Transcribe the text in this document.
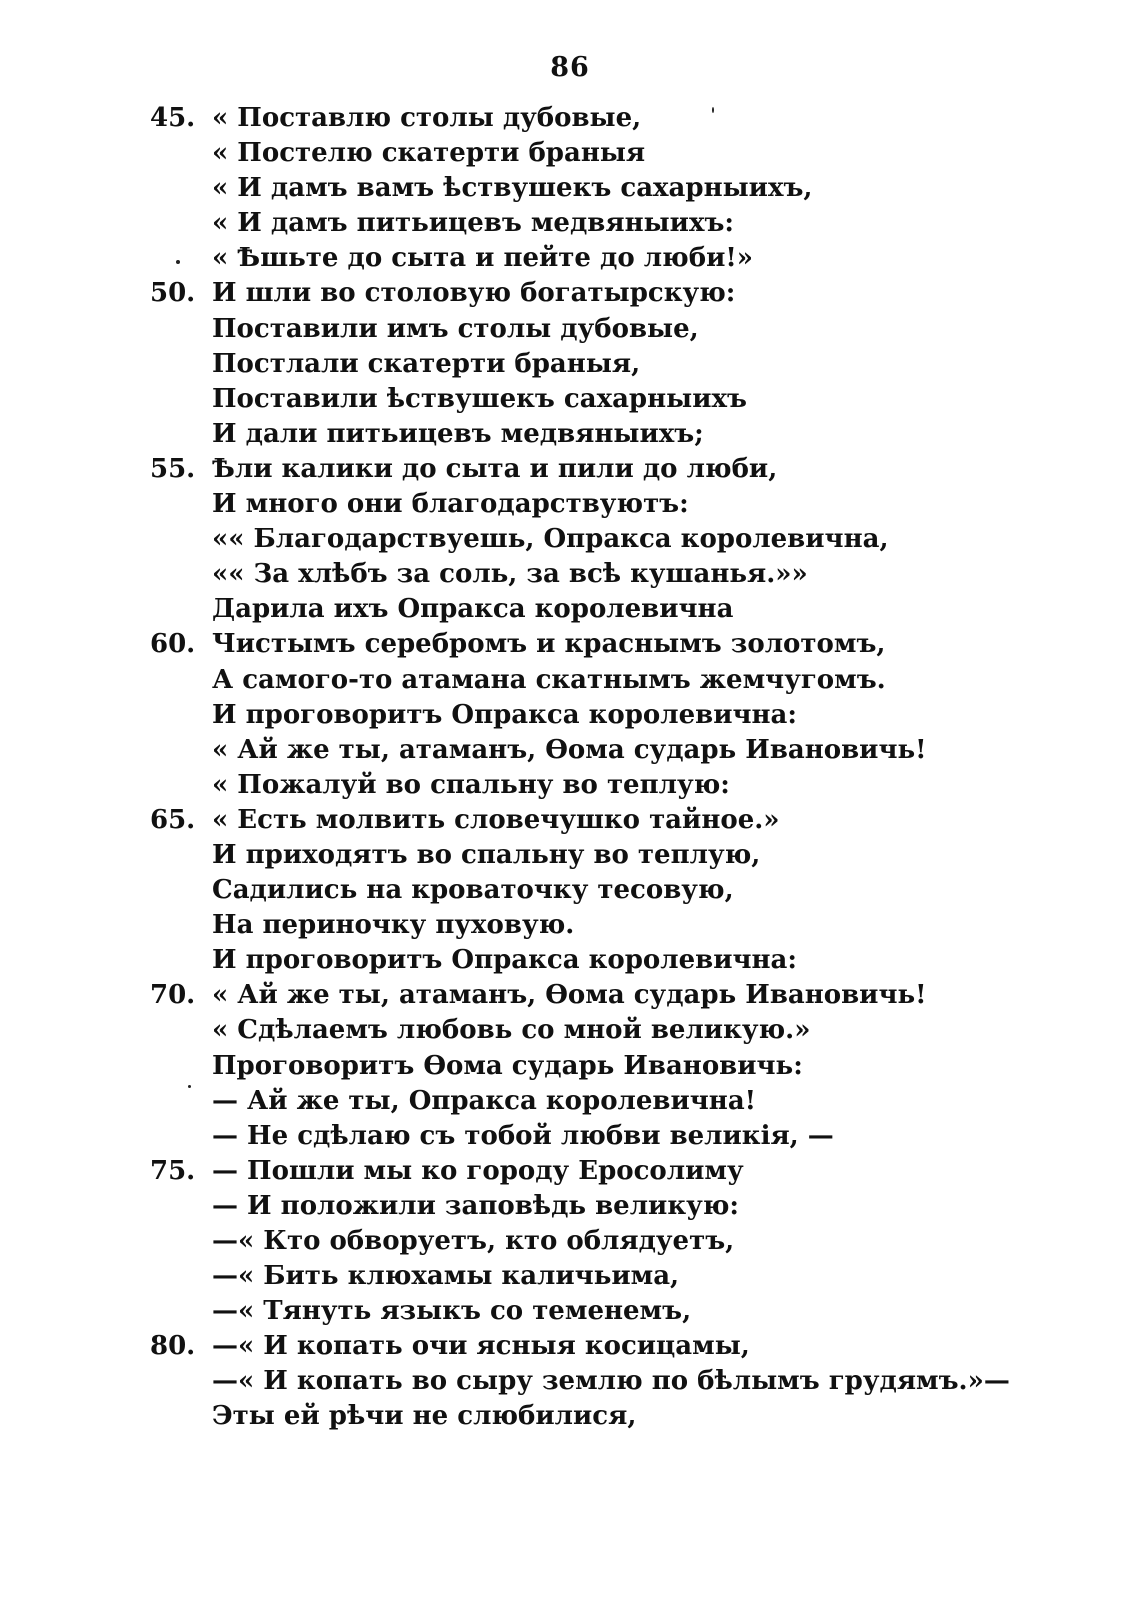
86
45. « Поставлю столы дубовые,
« Постелю скатерти браныя
« И дамъ вамъ ѣствушекъ сахарныихъ,
« И дамъ питьицевъ медвяныихъ:
« Ѣшьте до сыта и пейте до люби!»
50. И шли во столовую богатырскую:
Поставили имъ столы дубовые,
Постлали скатерти браныя,
Поставили ѣствушекъ сахарныихъ
И дали питьицевъ медвяныихъ;
55. Ѣли калики до сыта и пили до люби,
И много они благодарствуютъ:
«« Благодарствуешь, Опракса королевична,
«« За хлѣбъ за соль, за всѣ кушанья.»»
Дарила ихъ Опракса королевична
60. Чистымъ серебромъ и краснымъ золотомъ,
А самого-то атамана скатнымъ жемчугомъ.
И проговоритъ Опракса королевична:
« Ай же ты, атаманъ, Ѳома сударь Ивановичь!
« Пожалуй во спальну во теплую:
65. « Есть молвить словечушко тайное.»
И приходятъ во спальну во теплую,
Садились на кроваточку тесовую,
На периночку пуховую.
И проговоритъ Опракса королевична:
70. « Ай же ты, атаманъ, Ѳома сударь Ивановичь!
« Сдѣлаемъ любовь со мной великую.»
Проговоритъ Ѳома сударь Ивановичь:
— Ай же ты, Опракса королевична!
— Не сдѣлаю съ тобой любви великія, —
75. — Пошли мы ко городу Еросолиму
— И положили заповѣдь великую:
—« Кто обворуетъ, кто облядуетъ,
—« Бить клюхамы каличьима,
—« Тянуть языкъ со теменемъ,
80. —« И копать очи ясныя косицамы,
—« И копать во сыру землю по бѣлымъ грудямъ.»—
Эты ей рѣчи не слюбилися,
